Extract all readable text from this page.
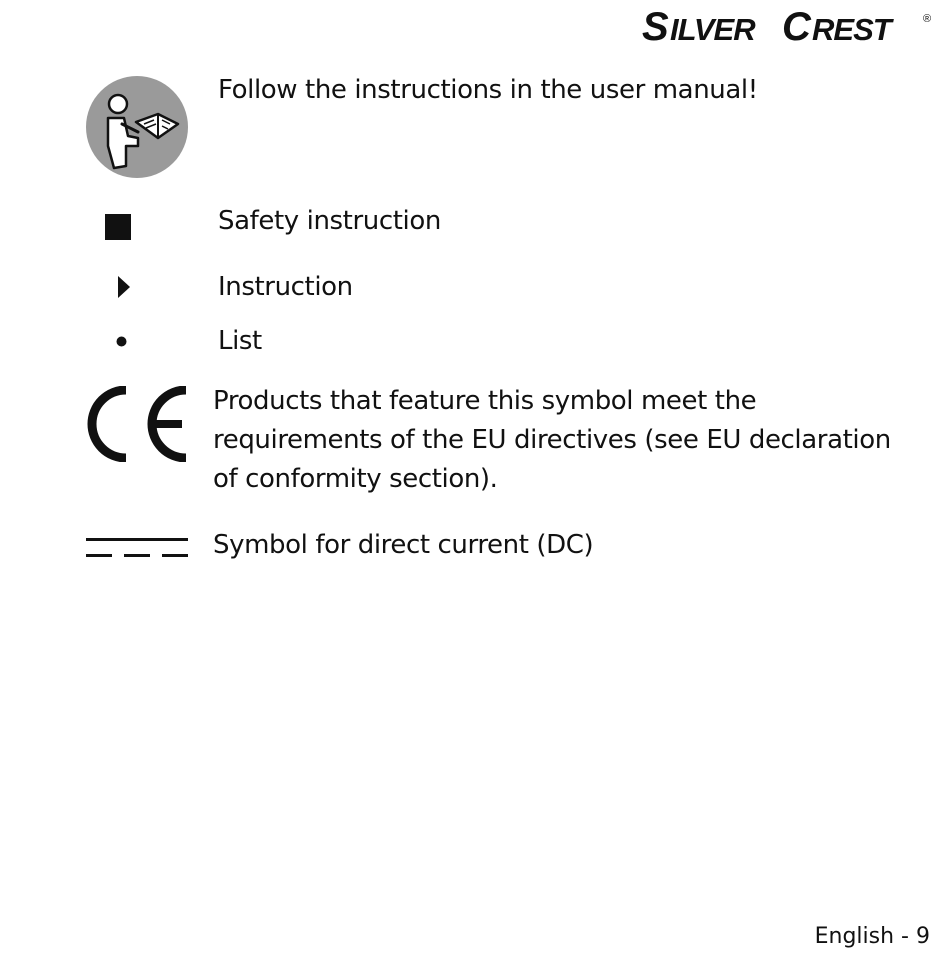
S ILVER C REST	®
Follow the instructions in the user manual!
Safety instruction
Instruction
List
Products that feature this symbol meet the requirements of the EU directives (see EU declaration of conformity section).
Symbol for direct current (DC)
English - 9
